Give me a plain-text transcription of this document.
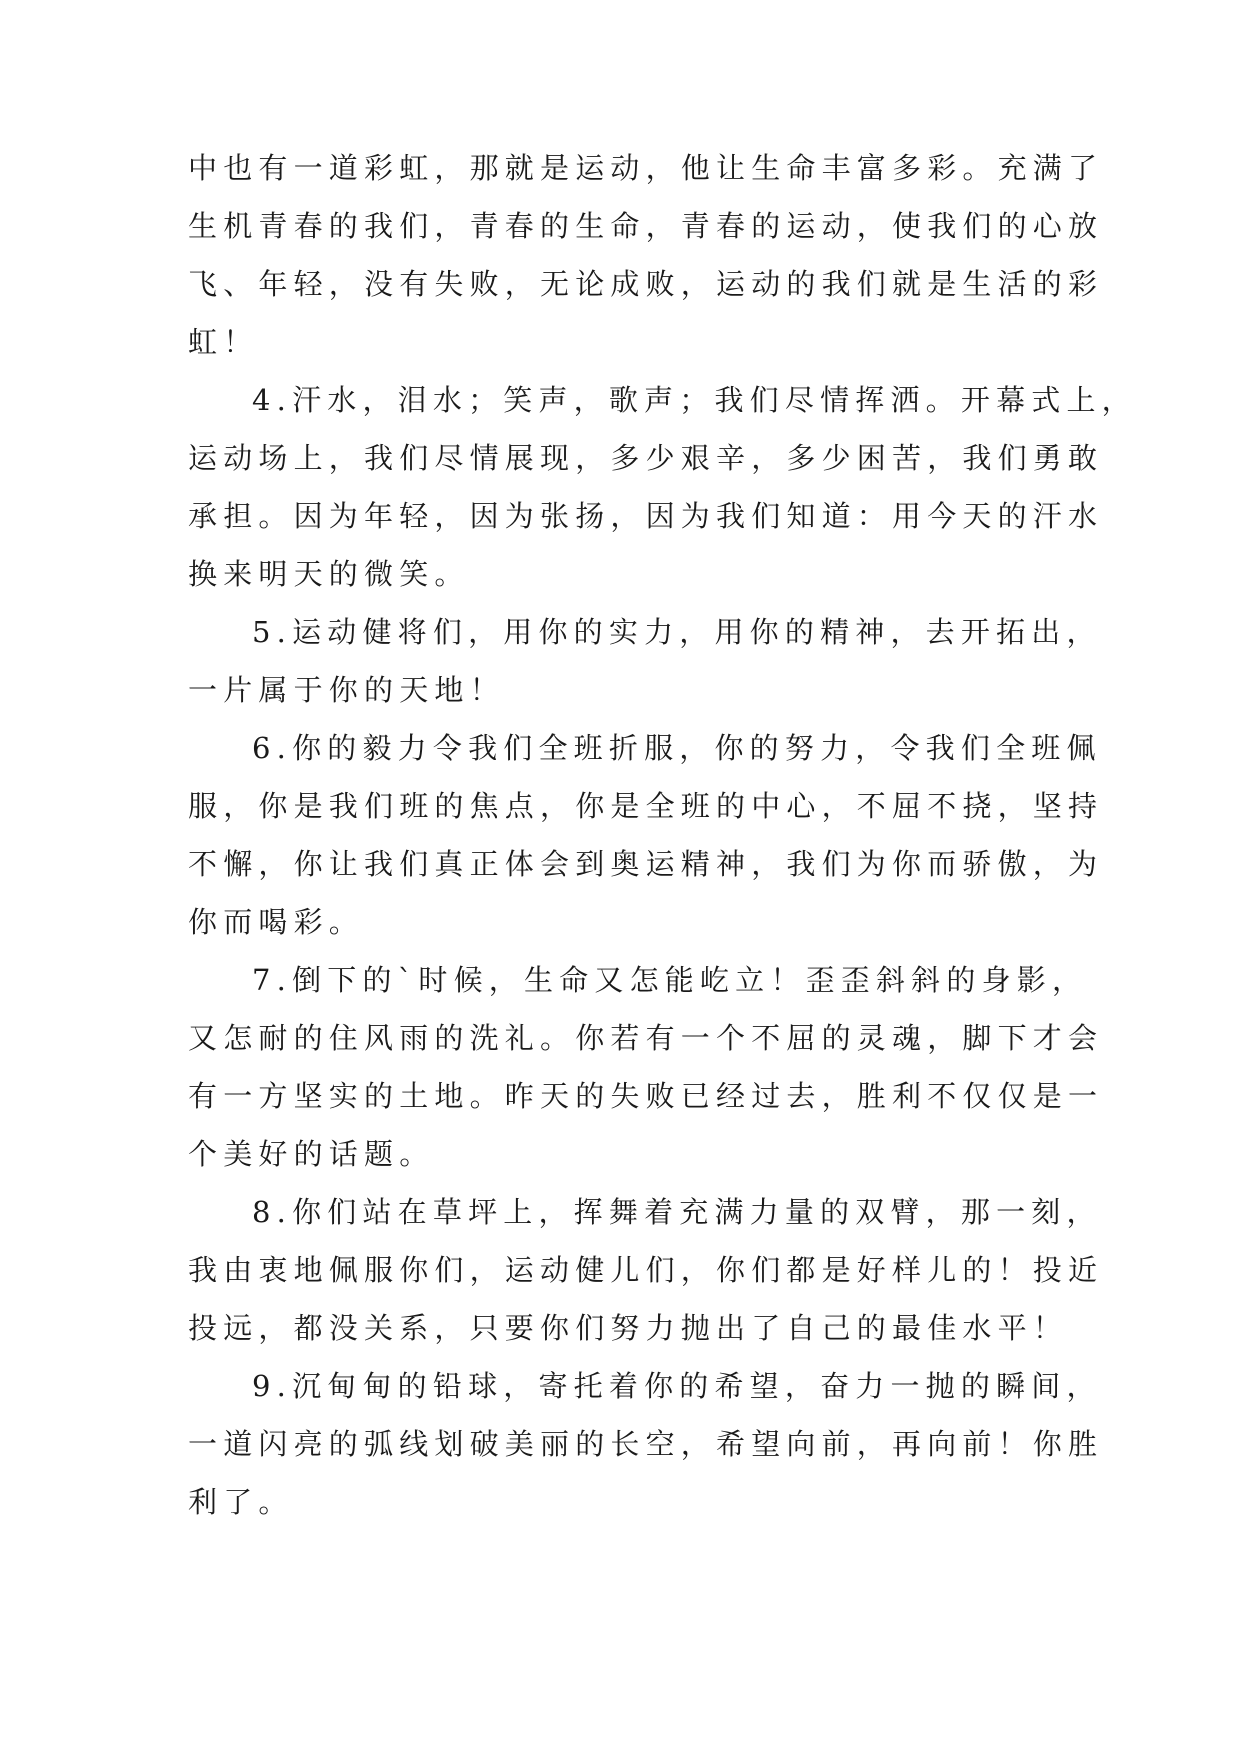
中也有一道彩虹，那就是运动，他让生命丰富多彩。充满了
生机青春的我们，青春的生命，青春的运动，使我们的心放
飞、年轻，没有失败，无论成败，运动的我们就是生活的彩
虹！
4.汗水，泪水；笑声，歌声；我们尽情挥洒。开幕式上，
运动场上，我们尽情展现，多少艰辛，多少困苦，我们勇敢
承担。因为年轻，因为张扬，因为我们知道：用今天的汗水
换来明天的微笑。
5.运动健将们，用你的实力，用你的精神，去开拓出，
一片属于你的天地！
6.你的毅力令我们全班折服，你的努力，令我们全班佩
服，你是我们班的焦点，你是全班的中心，不屈不挠，坚持
不懈，你让我们真正体会到奥运精神，我们为你而骄傲，为
你而喝彩。
7.倒下的`时候，生命又怎能屹立！歪歪斜斜的身影，
又怎耐的住风雨的洗礼。你若有一个不屈的灵魂，脚下才会
有一方坚实的土地。昨天的失败已经过去，胜利不仅仅是一
个美好的话题。
8.你们站在草坪上，挥舞着充满力量的双臂，那一刻，
我由衷地佩服你们，运动健儿们，你们都是好样儿的！投近
投远，都没关系，只要你们努力抛出了自己的最佳水平！
9.沉甸甸的铅球，寄托着你的希望，奋力一抛的瞬间，
一道闪亮的弧线划破美丽的长空，希望向前，再向前！你胜
利了。
